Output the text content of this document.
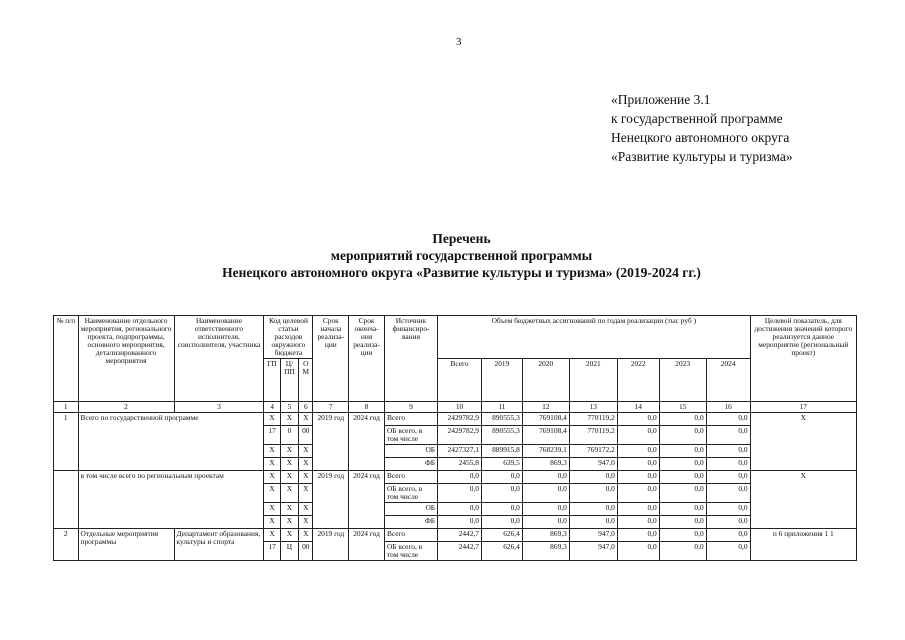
3
«Приложение 3.1
к государственной программе
Ненецкого автономного округа
«Развитие культуры и туризма»
Перечень
мероприятий государственной программы
Ненецкого автономного округа «Развитие культуры и туризма» (2019-2024 гг.)
№ п/п	Наименование отдельного мероприятия, регионального проекта, подпрограммы, основного мероприятия, детализированного мероприятия	Наименование ответственного исполнителя, соисполнителя, участника	Код целевой статьи расходов окружного бюджета			Срок начала реализа-ции	Срок оконча-ния реализа-ции	Источник финансиро-вания	Объем бюджетных ассигнований по годам реализации (тыс руб )							Целевой показатель, для достижения значений которого реализуется данное мероприятие (региональный проект)
			ГП	Ц/ПП	О М				Всего	2019	2020	2021	2022	2023	2024	
1	2	3	4	5	6	7	8	9	10	11	12	13	14	15	16	17
1	Всего по государственной программе		X	X	X	2019 год	2024 год	Всего	2429782,9	890555,3	769108,4	770119,2	0,0	0,0	0,0	X
			17	0	00			ОБ всего, в том числе	2429782,9	890555,3	769108,4	770119,2	0,0	0,0	0,0	
			X	X	X			ОБ	2427327,1	889915,8	768239,1	769172,2	0,0	0,0	0,0	
			X	X	X			ФБ	2455,8	639,5	869,3	947,0	0,0	0,0	0,0	
	в том числе всего по региональным проектам		X	X	X	2019 год	2024 год	Всего	0,0	0,0	0,0	0,0	0,0	0,0	0,0	X
			X	X	X			ОБ всего, в том числе	0,0	0,0	0,0	0,0	0,0	0,0	0,0	
			X	X	X			ОБ	0,0	0,0	0,0	0,0	0,0	0,0	0,0	
			X	X	X			ФБ	0,0	0,0	0,0	0,0	0,0	0,0	0,0	
2	Отдельные мероприятия программы	Департамент образования, культуры и спорта	X	X	X	2019 год	2024 год	Всего	2442,7	626,4	869,3	947,0	0,0	0,0	0,0	п 6 приложения 1 1
			17	Ц	00			ОБ всего, в том числе	2442,7	626,4	869,3	947,0	0,0	0,0	0,0	
